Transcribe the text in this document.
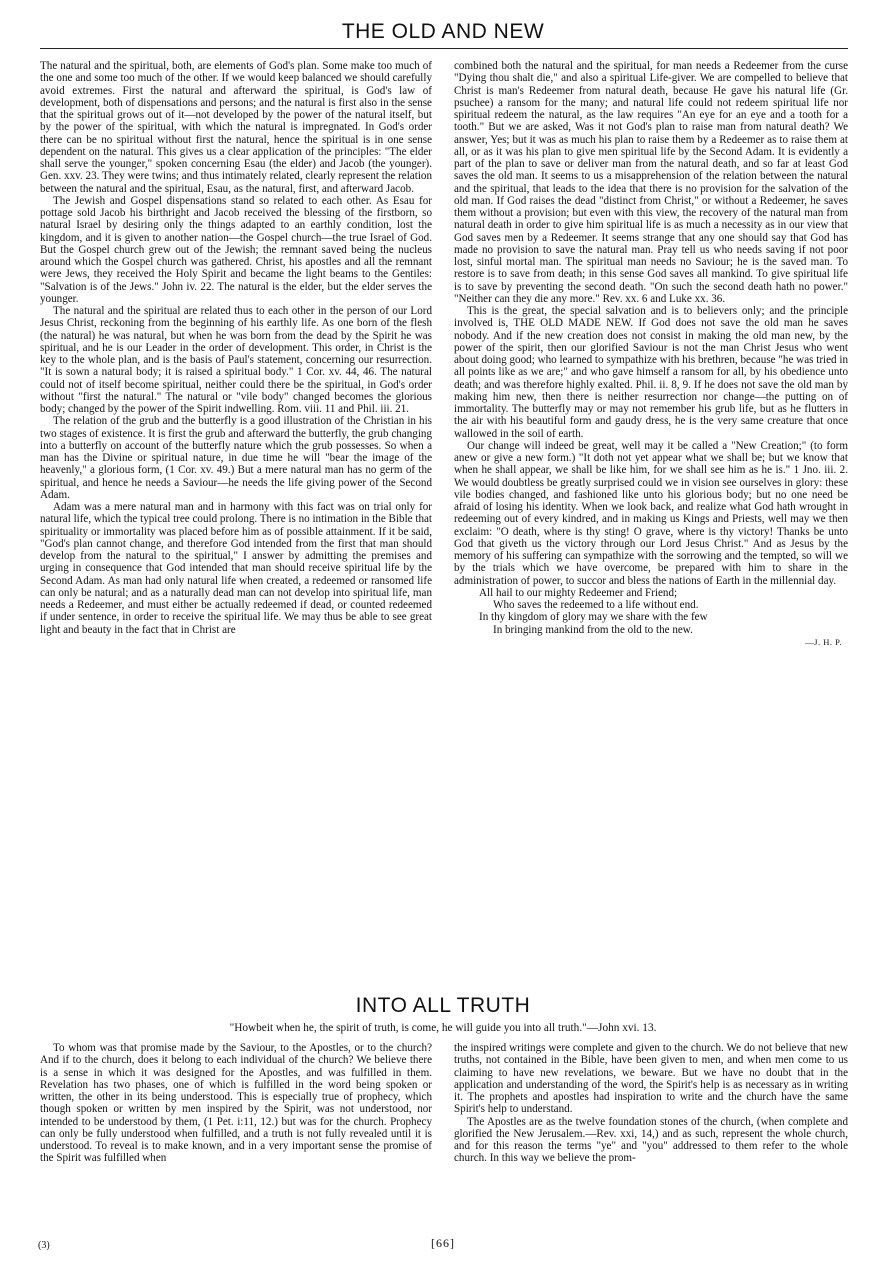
THE OLD AND NEW

The natural and the spiritual, both, are elements of God's plan. Some make too much of the one and some too much of the other. If we would keep balanced we should carefully avoid extremes. First the natural and afterward the spiritual, is God's law of development, both of dispensations and persons; and the natural is first also in the sense that the spiritual grows out of it—not developed by the power of the natural itself, but by the power of the spiritual, with which the natural is impregnated. In God's order there can be no spiritual without first the natural, hence the spiritual is in one sense dependent on the natural. This gives us a clear application of the principles: "The elder shall serve the younger," spoken concerning Esau (the elder) and Jacob (the younger). Gen. xxv. 23. They were twins; and thus intimately related, clearly represent the relation between the natural and the spiritual, Esau, as the natural, first, and afterward Jacob.

The Jewish and Gospel dispensations stand so related to each other. As Esau for pottage sold Jacob his birthright and Jacob received the blessing of the firstborn, so natural Israel by desiring only the things adapted to an earthly condition, lost the kingdom, and it is given to another nation—the Gospel church—the true Israel of God. But the Gospel church grew out of the Jewish; the remnant saved being the nucleus around which the Gospel church was gathered. Christ, his apostles and all the remnant were Jews, they received the Holy Spirit and became the light beams to the Gentiles: "Salvation is of the Jews." John iv. 22. The natural is the elder, but the elder serves the younger.

The natural and the spiritual are related thus to each other in the person of our Lord Jesus Christ, reckoning from the beginning of his earthly life. As one born of the flesh (the natural) he was natural, but when he was born from the dead by the Spirit he was spiritual, and he is our Leader in the order of development. This order, in Christ is the key to the whole plan, and is the basis of Paul's statement, concerning our resurrection. "It is sown a natural body; it is raised a spiritual body." 1 Cor. xv. 44, 46. The natural could not of itself become spiritual, neither could there be the spiritual, in God's order without "first the natural." The natural or "vile body" changed becomes the glorious body; changed by the power of the Spirit indwelling. Rom. viii. 11 and Phil. iii. 21.

The relation of the grub and the butterfly is a good illustration of the Christian in his two stages of existence. It is first the grub and afterward the butterfly, the grub changing into a butterfly on account of the butterfly nature which the grub possesses. So when a man has the Divine or spiritual nature, in due time he will "bear the image of the heavenly," a glorious form, (1 Cor. xv. 49.) But a mere natural man has no germ of the spiritual, and hence he needs a Saviour—he needs the life giving power of the Second Adam.

Adam was a mere natural man and in harmony with this fact was on trial only for natural life, which the typical tree could prolong. There is no intimation in the Bible that spirituality or immortality was placed before him as of possible attainment. If it be said, "God's plan cannot change, and therefore God intended from the first that man should develop from the natural to the spiritual," I answer by admitting the premises and urging in consequence that God intended that man should receive spiritual life by the Second Adam. As man had only natural life when created, a redeemed or ransomed life can only be natural; and as a naturally dead man can not develop into spiritual life, man needs a Redeemer, and must either be actually redeemed if dead, or counted redeemed if under sentence, in order to receive the spiritual life. We may thus be able to see great light and beauty in the fact that in Christ are

combined both the natural and the spiritual, for man needs a Redeemer from the curse "Dying thou shalt die," and also a spiritual Life-giver. We are compelled to believe that Christ is man's Redeemer from natural death, because He gave his natural life (Gr. psuchee) a ransom for the many; and natural life could not redeem spiritual life nor spiritual redeem the natural, as the law requires "An eye for an eye and a tooth for a tooth." But we are asked, Was it not God's plan to raise man from natural death? We answer, Yes; but it was as much his plan to raise them by a Redeemer as to raise them at all, or as it was his plan to give men spiritual life by the Second Adam. It is evidently a part of the plan to save or deliver man from the natural death, and so far at least God saves the old man. It seems to us a misapprehension of the relation between the natural and the spiritual, that leads to the idea that there is no provision for the salvation of the old man. If God raises the dead "distinct from Christ," or without a Redeemer, he saves them without a provision; but even with this view, the recovery of the natural man from natural death in order to give him spiritual life is as much a necessity as in our view that God saves men by a Redeemer. It seems strange that any one should say that God has made no provision to save the natural man. Pray tell us who needs saving if not poor lost, sinful mortal man. The spiritual man needs no Saviour; he is the saved man. To restore is to save from death; in this sense God saves all mankind. To give spiritual life is to save by preventing the second death. "On such the second death hath no power." "Neither can they die any more." Rev. xx. 6 and Luke xx. 36.

This is the great, the special salvation and is to believers only; and the principle involved is, THE OLD MADE NEW. If God does not save the old man he saves nobody. And if the new creation does not consist in making the old man new, by the power of the spirit, then our glorified Saviour is not the man Christ Jesus who went about doing good; who learned to sympathize with his brethren, because "he was tried in all points like as we are;" and who gave himself a ransom for all, by his obedience unto death; and was therefore highly exalted. Phil. ii. 8, 9. If he does not save the old man by making him new, then there is neither resurrection nor change—the putting on of immortality. The butterfly may or may not remember his grub life, but as he flutters in the air with his beautiful form and gaudy dress, he is the very same creature that once wallowed in the soil of earth.

Our change will indeed be great, well may it be called a "New Creation;" (to form anew or give a new form.) "It doth not yet appear what we shall be; but we know that when he shall appear, we shall be like him, for we shall see him as he is." 1 Jno. iii. 2. We would doubtless be greatly surprised could we in vision see ourselves in glory: these vile bodies changed, and fashioned like unto his glorious body; but no one need be afraid of losing his identity. When we look back, and realize what God hath wrought in redeeming out of every kindred, and in making us Kings and Priests, well may we then exclaim: "O death, where is thy sting! O grave, where is thy victory! Thanks be unto God that giveth us the victory through our Lord Jesus Christ." And as Jesus by the memory of his suffering can sympathize with the sorrowing and the tempted, so will we by the trials which we have overcome, be prepared with him to share in the administration of power, to succor and bless the nations of Earth in the millennial day.

All hail to our mighty Redeemer and Friend;
Who saves the redeemed to a life without end.
In thy kingdom of glory may we share with the few
In bringing mankind from the old to the new.
—J. H. P.
INTO ALL TRUTH
"Howbeit when he, the spirit of truth, is come, he will guide you into all truth."—John xvi. 13.

To whom was that promise made by the Saviour, to the Apostles, or to the church? And if to the church, does it belong to each individual of the church? We believe there is a sense in which it was designed for the Apostles, and was fulfilled in them. Revelation has two phases, one of which is fulfilled in the word being spoken or written, the other in its being understood. This is especially true of prophecy, which though spoken or written by men inspired by the Spirit, was not understood, nor intended to be understood by them, (1 Pet. i:11, 12.) but was for the church. Prophecy can only be fully understood when fulfilled, and a truth is not fully revealed until it is understood. To reveal is to make known, and in a very important sense the promise of the Spirit was fulfilled when

the inspired writings were complete and given to the church. We do not believe that new truths, not contained in the Bible, have been given to men, and when men come to us claiming to have new revelations, we beware. But we have no doubt that in the application and understanding of the word, the Spirit's help is as necessary as in writing it. The prophets and apostles had inspiration to write and the church have the same Spirit's help to understand.

The Apostles are as the twelve foundation stones of the church, (when complete and glorified the New Jerusalem.—Rev. xxi, 14,) and as such, represent the whole church, and for this reason the terms "ye" and "you" addressed to them refer to the whole church. In this way we believe the prom-

(3)	[66]
